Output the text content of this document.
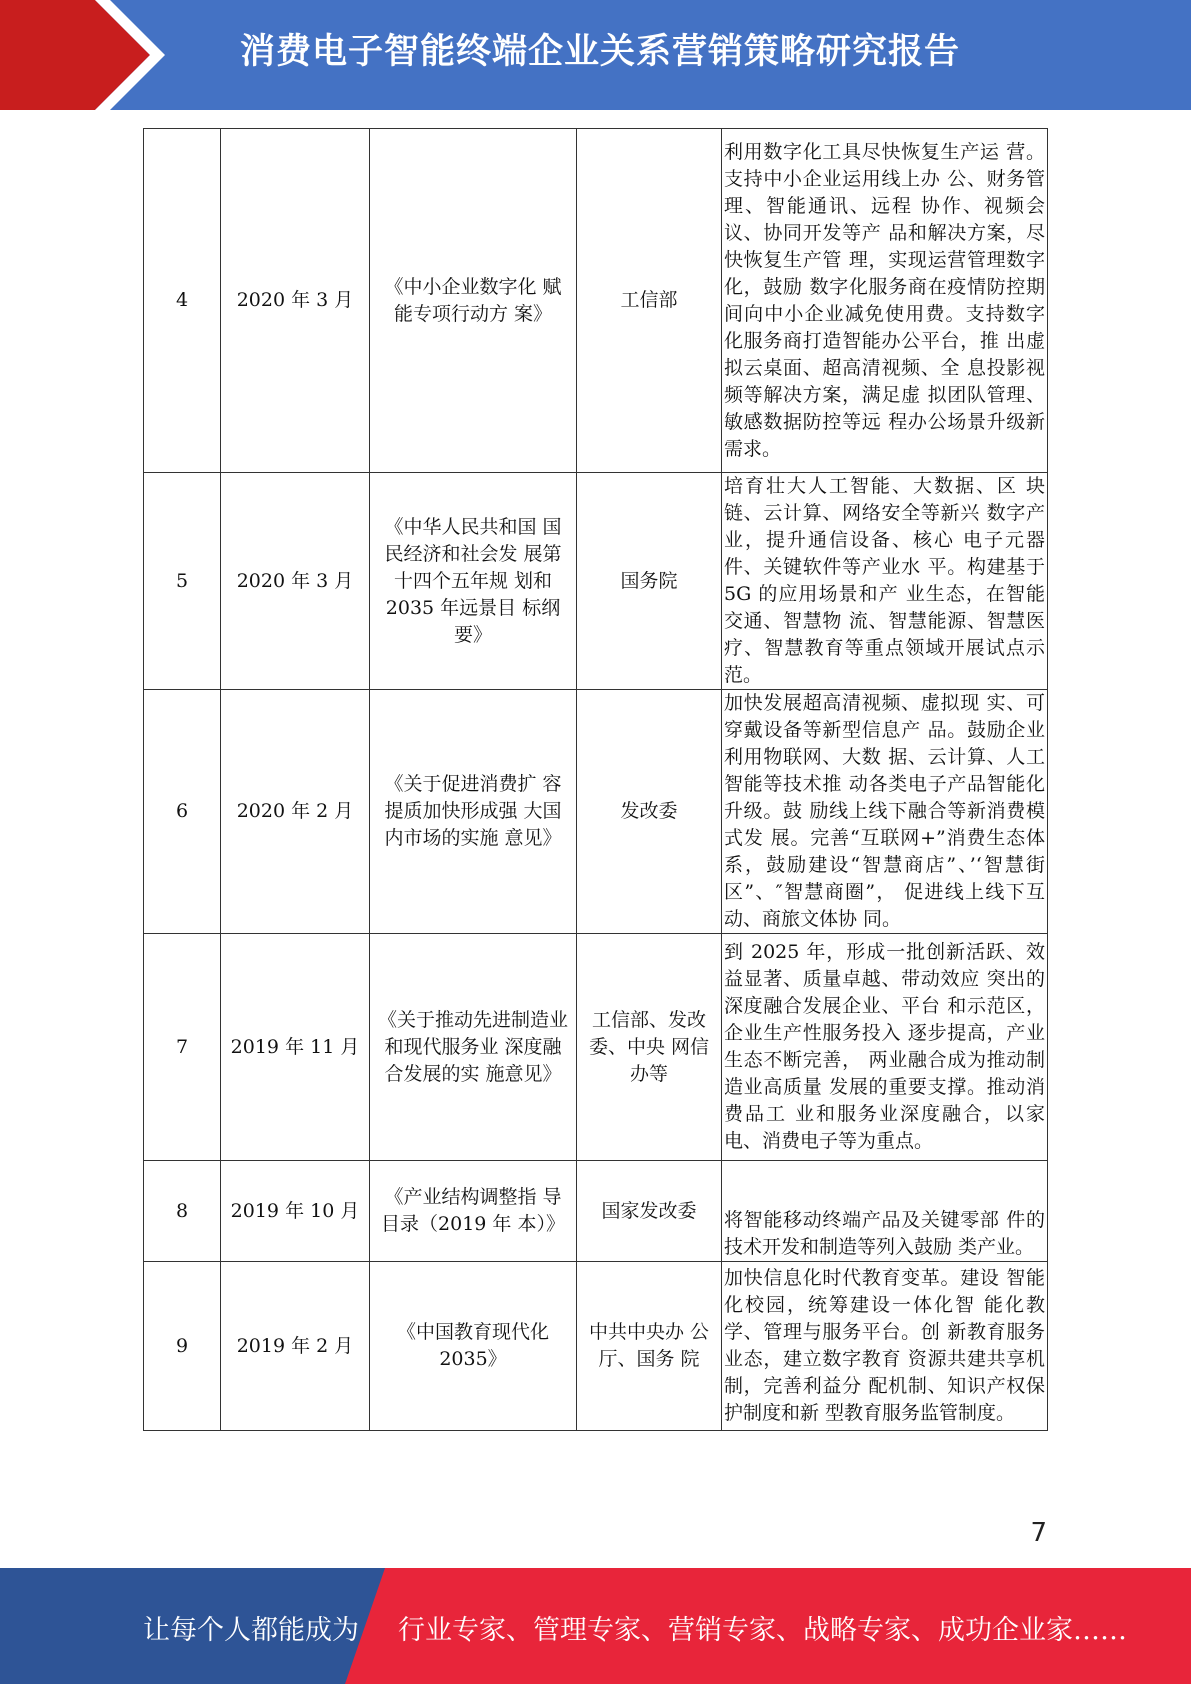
消费电子智能终端企业关系营销策略研究报告
4	2020 年 3 月	《中小企业数字化 赋能专项行动方 案》	工信部	利用数字化工具尽快恢复生产运 营。支持中小企业运用线上办 公、财务管理、智能通讯、远程 协作、视频会议、协同开发等产 品和解决方案，尽快恢复生产管 理，实现运营管理数字化，鼓励 数字化服务商在疫情防控期间向中小企业减免使用费。支持数字 化服务商打造智能办公平台，推 出虚拟云桌面、超高清视频、全 息投影视频等解决方案，满足虚 拟团队管理、敏感数据防控等远 程办公场景升级新需求。
5	2020 年 3 月	《中华人民共和国 国民经济和社会发 展第十四个五年规 划和 2035 年远景目 标纲要》	国务院	培育壮大人工智能、大数据、区 块链、云计算、网络安全等新兴 数字产业，提升通信设备、核心 电子元器件、关键软件等产业水 平。构建基于 5G 的应用场景和产 业生态，在智能交通、智慧物 流、智慧能源、智慧医疗、智慧教育等重点领域开展试点示范。
6	2020 年 2 月	《关于促进消费扩 容提质加快形成强 大国内市场的实施 意见》	发改委	加快发展超高清视频、虚拟现 实、可穿戴设备等新型信息产 品。鼓励企业利用物联网、大数 据、云计算、人工智能等技术推 动各类电子产品智能化升级。鼓 励线上线下融合等新消费模式发 展。完善“互联网+”消费生态体系，鼓励建设“智慧商店”、’‘智慧街区”、″智慧商圈”， 促进线上线下互动、商旅文体协 同。
7	2019 年 11 月	《关于推动先进制造业和现代服务业 深度融合发展的实 施意见》	工信部、发改委、中央 网信办等	到 2025 年，形成一批创新活跃、效益显著、质量卓越、带动效应 突出的深度融合发展企业、平台 和示范区，企业生产性服务投入 逐步提高，产业生态不断完善， 两业融合成为推动制造业高质量 发展的重要支撑。推动消费品工 业和服务业深度融合，以家电、消费电子等为重点。
8	2019 年 10 月	《产业结构调整指 导目录（2019 年 本）》	国家发改委	将智能移动终端产品及关键零部 件的技术开发和制造等列入鼓励 类产业。
9	2019 年 2 月	《中国教育现代化 2035》	中共中央办 公厅、国务 院	加快信息化时代教育变革。建设 智能化校园，统筹建设一体化智 能化教学、管理与服务平台。创 新教育服务业态，建立数字教育 资源共建共享机制，完善利益分 配机制、知识产权保护制度和新 型教育服务监管制度。
7
让每个人都能成为 行业专家、管理专家、营销专家、战略专家、成功企业家……
